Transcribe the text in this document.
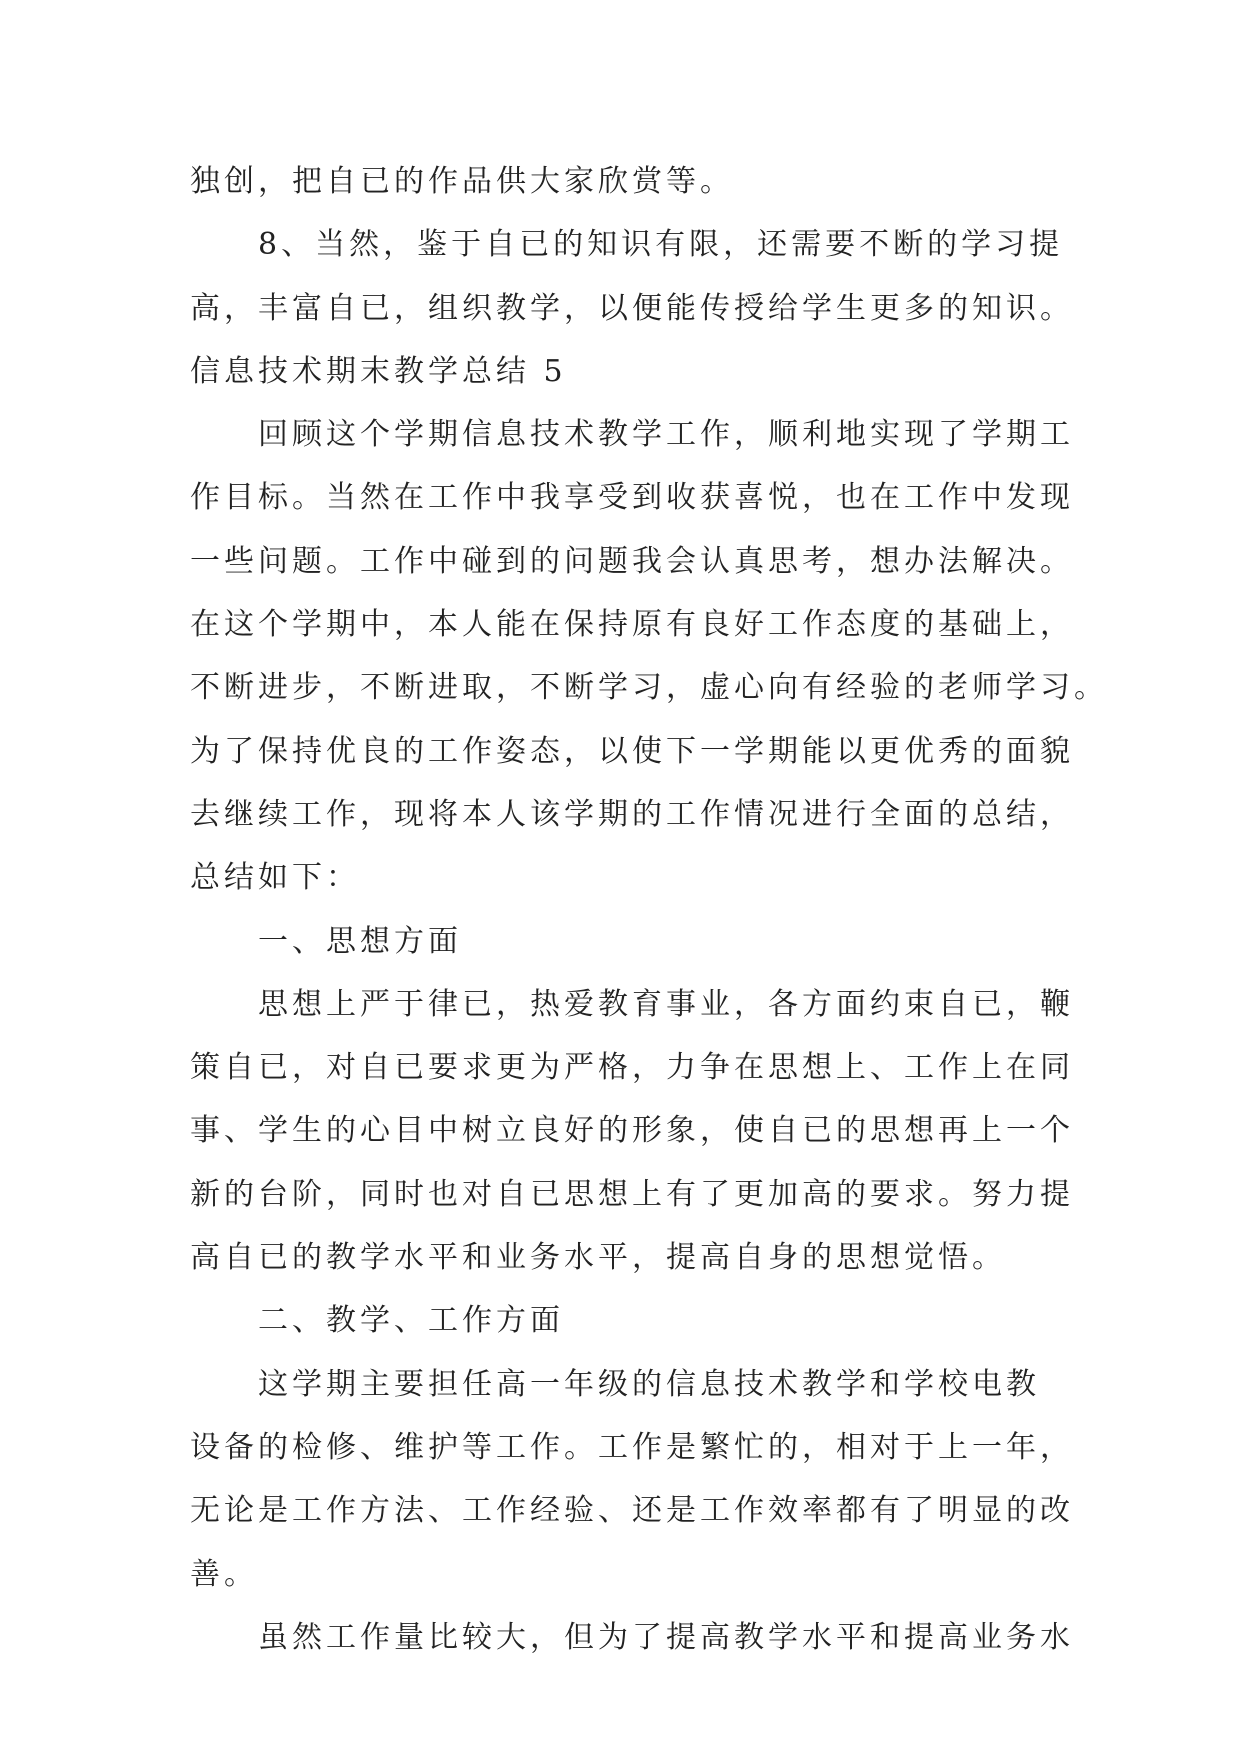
独创，把自已的作品供大家欣赏等。
8、当然，鉴于自已的知识有限，还需要不断的学习提
高，丰富自已，组织教学，以便能传授给学生更多的知识。
信息技术期末教学总结 5
回顾这个学期信息技术教学工作，顺利地实现了学期工
作目标。当然在工作中我享受到收获喜悦，也在工作中发现
一些问题。工作中碰到的问题我会认真思考，想办法解决。
在这个学期中，本人能在保持原有良好工作态度的基础上，
不断进步，不断进取，不断学习，虚心向有经验的老师学习。
为了保持优良的工作姿态，以使下一学期能以更优秀的面貌
去继续工作，现将本人该学期的工作情况进行全面的总结，
总结如下：
一、思想方面
思想上严于律已，热爱教育事业，各方面约束自已，鞭
策自已，对自已要求更为严格，力争在思想上、工作上在同
事、学生的心目中树立良好的形象，使自已的思想再上一个
新的台阶，同时也对自已思想上有了更加高的要求。努力提
高自已的教学水平和业务水平，提高自身的思想觉悟。
二、教学、工作方面
这学期主要担任高一年级的信息技术教学和学校电教
设备的检修、维护等工作。工作是繁忙的，相对于上一年，
无论是工作方法、工作经验、还是工作效率都有了明显的改
善。
虽然工作量比较大，但为了提高教学水平和提高业务水
